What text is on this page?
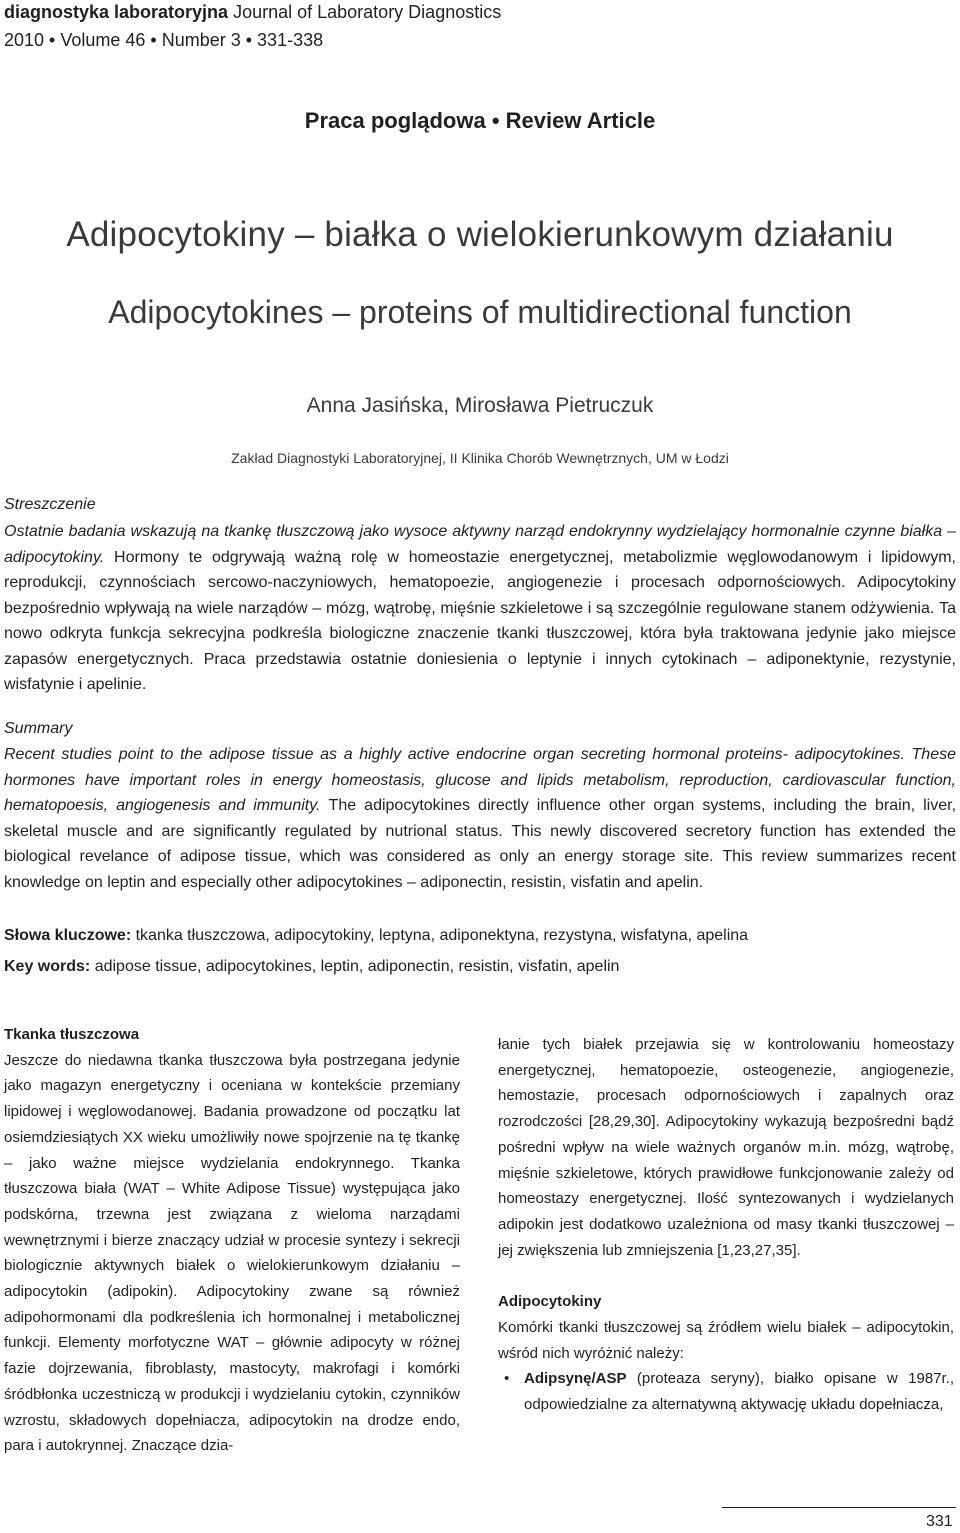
diagnostyka laboratoryjna Journal of Laboratory Diagnostics
2010 • Volume 46 • Number 3 • 331-338
Praca poglądowa • Review Article
Adipocytokiny – białka o wielokierunkowym działaniu
Adipocytokines – proteins of multidirectional function
Anna Jasińska, Mirosława Pietruczuk
Zakład Diagnostyki Laboratoryjnej, II Klinika Chorób Wewnętrznych, UM w Łodzi
Streszczenie
Ostatnie badania wskazują na tkankę tłuszczową jako wysoce aktywny narząd endokrynny wydzielający hormonalnie czynne białka – adipocytokiny. Hormony te odgrywają ważną rolę w homeostazie energetycznej, metabolizmie węglowodanowym i lipidowym, reprodukcji, czynnościach sercowo-naczyniowych, hematopoezie, angiogenezie i procesach odpornościowych. Adipocytokiny bezpośrednio wpływają na wiele narządów – mózg, wątrobę, mięśnie szkieletowe i są szczególnie regulowane stanem odżywienia. Ta nowo odkryta funkcja sekrecyjna podkreśla biologiczne znaczenie tkanki tłuszczowej, która była traktowana jedynie jako miejsce zapasów energetycznych. Praca przedstawia ostatnie doniesienia o leptynie i innych cytokinach – adiponektynie, rezystynie, wisfatynie i apelinie.
Summary
Recent studies point to the adipose tissue as a highly active endocrine organ secreting hormonal proteins- adipocytokines. These hormones have important roles in energy homeostasis, glucose and lipids metabolism, reproduction, cardiovascular function, hematopoesis, angiogenesis and immunity. The adipocytokines directly influence other organ systems, including the brain, liver, skeletal muscle and are significantly regulated by nutrional status. This newly discovered secretory function has extended the biological revelance of adipose tissue, which was considered as only an energy storage site. This review summarizes recent knowledge on leptin and especially other adipocytokines – adiponectin, resistin, visfatin and apelin.
Słowa kluczowe: tkanka tłuszczowa, adipocytokiny, leptyna, adiponektyna, rezystyna, wisfatyna, apelina
Key words: adipose tissue, adipocytokines, leptin, adiponectin, resistin, visfatin, apelin
Tkanka tłuszczowa

Jeszcze do niedawna tkanka tłuszczowa była postrzegana jedynie jako magazyn energetyczny i oceniana w kontekście przemiany lipidowej i węglowodanowej. Badania prowadzone od początku lat osiemdziesiątych XX wieku umożliwiły nowe spojrzenie na tę tkankę – jako ważne miejsce wydzielania endokrynnego. Tkanka tłuszczowa biała (WAT – White Adipose Tissue) występująca jako podskórna, trzewna jest związana z wieloma narządami wewnętrznymi i bierze znaczący udział w procesie syntezy i sekrecji biologicznie aktywnych białek o wielokierunkowym działaniu – adipocytokin (adipokin). Adipocytokiny zwane są również adipohormonami dla podkreślenia ich hormonalnej i metabolicznej funkcji. Elementy morfotyczne WAT – głównie adipocyty w różnej fazie dojrzewania, fibroblasty, mastocyty, makrofagi i komórki śródbłonka uczestniczą w produkcji i wydzielaniu cytokin, czynników wzrostu, składowych dopełniacza, adipocytokin na drodze endo, para i autokrynnej. Znaczące dzia-

łanie tych białek przejawia się w kontrolowaniu homeostazy energetycznej, hematopoezie, osteogenezie, angiogenezie, hemostazie, procesach odpornościowych i zapalnych oraz rozrodczości [28,29,30]. Adipocytokiny wykazują bezpośredni bądź pośredni wpływ na wiele ważnych organów m.in. mózg, wątrobę, mięśnie szkieletowe, których prawidłowe funkcjonowanie zależy od homeostazy energetycznej. Ilość syntezowanych i wydzielanych adipokin jest dodatkowo uzależniona od masy tkanki tłuszczowej – jej zwiększenia lub zmniejszenia [1,23,27,35].

Adipocytokiny

Komórki tkanki tłuszczowej są źródłem wielu białek – adipocytokin, wśród nich wyróżnić należy:

• Adipsynę/ASP (proteaza seryny), białko opisane w 1987r., odpowiedzialne za alternatywną aktywację układu dopełniacza,
331
